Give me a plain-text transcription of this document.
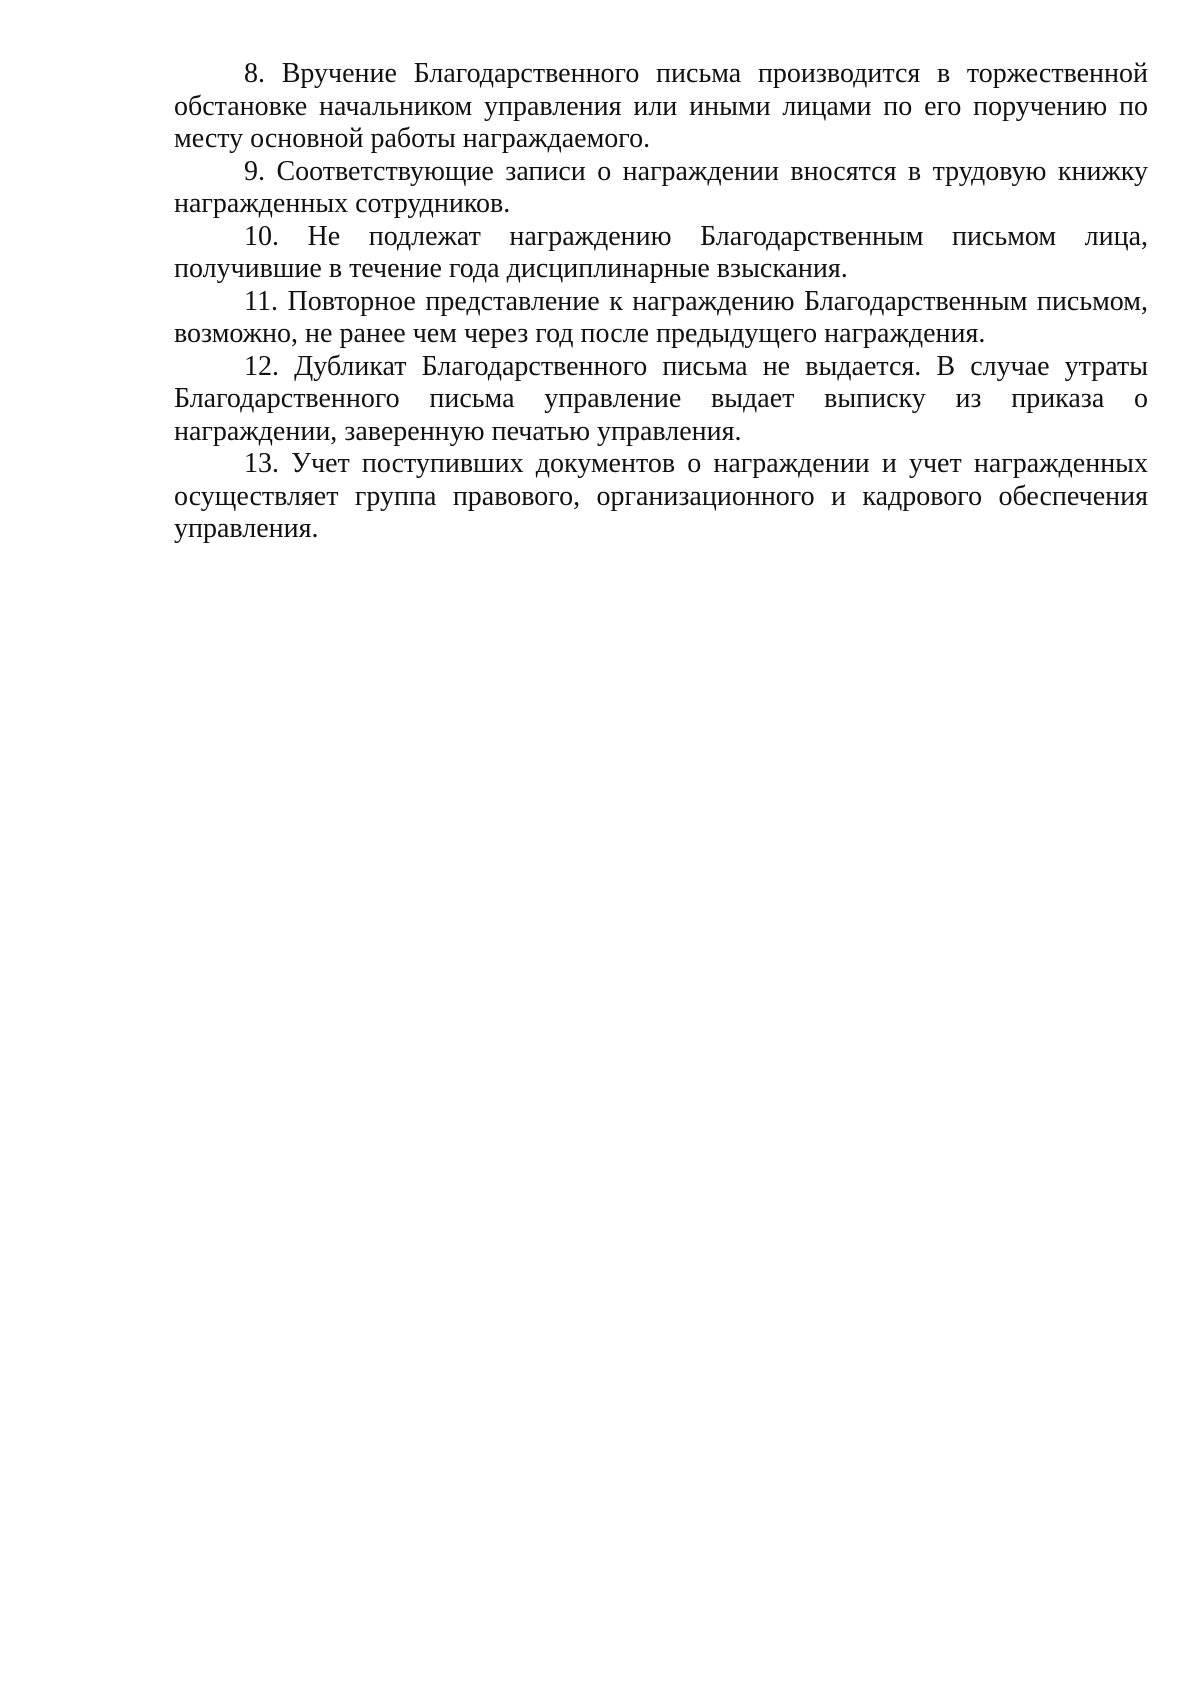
8. Вручение Благодарственного письма производится в торжественной обстановке начальником управления или иными лицами по его поручению по месту основной работы награждаемого.

9. Соответствующие записи о награждении вносятся в трудовую книжку награжденных сотрудников.

10. Не подлежат награждению Благодарственным письмом лица, получившие в течение года дисциплинарные взыскания.

11. Повторное представление к награждению Благодарственным письмом, возможно, не ранее чем через год после предыдущего награждения.

12. Дубликат Благодарственного письма не выдается. В случае утраты Благодарственного письма управление выдает выписку из приказа о награждении, заверенную печатью управления.

13. Учет поступивших документов о награждении и учет награжденных осуществляет группа правового, организационного и кадрового обеспечения управления.
